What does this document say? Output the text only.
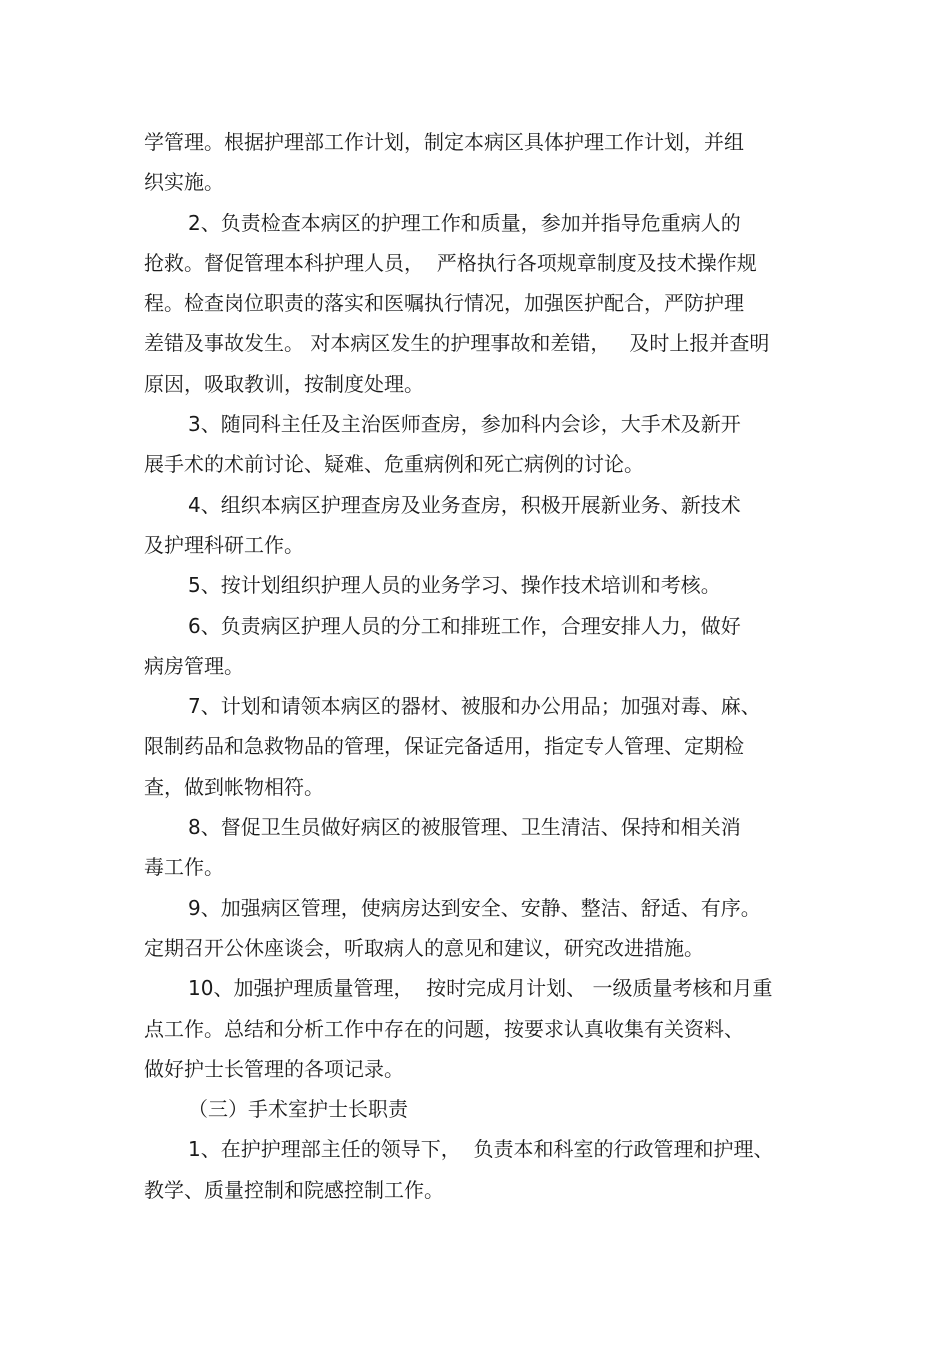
学管理。根据护理部工作计划，制定本病区具体护理工作计划，并组
织实施。
2、负责检查本病区的护理工作和质量，参加并指导危重病人的
抢救。督促管理本科护理人员，  严格执行各项规章制度及技术操作规
程。检查岗位职责的落实和医嘱执行情况，加强医护配合，严防护理
差错及事故发生。 对本病区发生的护理事故和差错，   及时上报并查明
原因，吸取教训，按制度处理。
3、随同科主任及主治医师查房，参加科内会诊，大手术及新开
展手术的术前讨论、疑难、危重病例和死亡病例的讨论。
4、组织本病区护理查房及业务查房，积极开展新业务、新技术
及护理科研工作。
5、按计划组织护理人员的业务学习、操作技术培训和考核。
6、负责病区护理人员的分工和排班工作，合理安排人力，做好
病房管理。
7、计划和请领本病区的器材、被服和办公用品；加强对毒、麻、
限制药品和急救物品的管理，保证完备适用，指定专人管理、定期检
查，做到帐物相符。
8、督促卫生员做好病区的被服管理、卫生清洁、保持和相关消
毒工作。
9、加强病区管理，使病房达到安全、安静、整洁、舒适、有序。
定期召开公休座谈会，听取病人的意见和建议，研究改进措施。
10、加强护理质量管理，  按时完成月计划、 一级质量考核和月重
点工作。总结和分析工作中存在的问题，按要求认真收集有关资料、
做好护士长管理的各项记录。
（三）手术室护士长职责
1、在护护理部主任的领导下，  负责本和科室的行政管理和护理、
教学、质量控制和院感控制工作。
